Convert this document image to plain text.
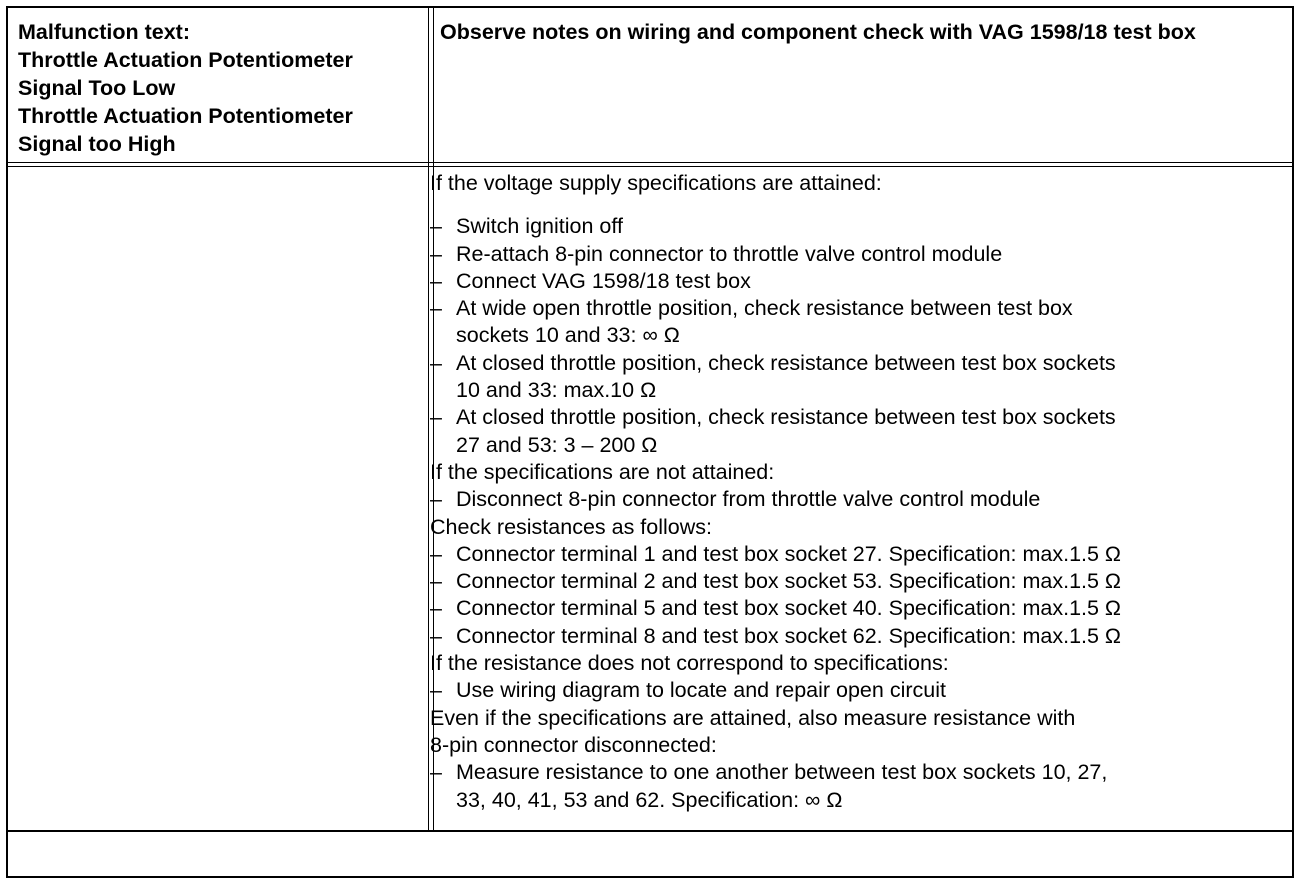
Malfunction text:
Throttle Actuation Potentiometer
Signal Too Low
Throttle Actuation Potentiometer
Signal too High
Observe notes on wiring and component check with VAG 1598/18 test box
If the voltage supply specifications are attained:
– Switch ignition off
– Re-attach 8-pin connector to throttle valve control module
– Connect VAG 1598/18 test box
– At wide open throttle position, check resistance between test box
sockets 10 and 33: ∞ Ω
– At closed throttle position, check resistance between test box sockets
10 and 33: max.10 Ω
– At closed throttle position, check resistance between test box sockets
27 and 53: 3 – 200 Ω
If the specifications are not attained:
– Disconnect 8-pin connector from throttle valve control module
Check resistances as follows:
– Connector terminal 1 and test box socket 27. Specification: max.1.5 Ω
– Connector terminal 2 and test box socket 53. Specification: max.1.5 Ω
– Connector terminal 5 and test box socket 40. Specification: max.1.5 Ω
– Connector terminal 8 and test box socket 62. Specification: max.1.5 Ω
If the resistance does not correspond to specifications:
– Use wiring diagram to locate and repair open circuit
Even if the specifications are attained, also measure resistance with
8-pin connector disconnected:
– Measure resistance to one another between test box sockets 10, 27,
33, 40, 41, 53 and 62. Specification: ∞ Ω
